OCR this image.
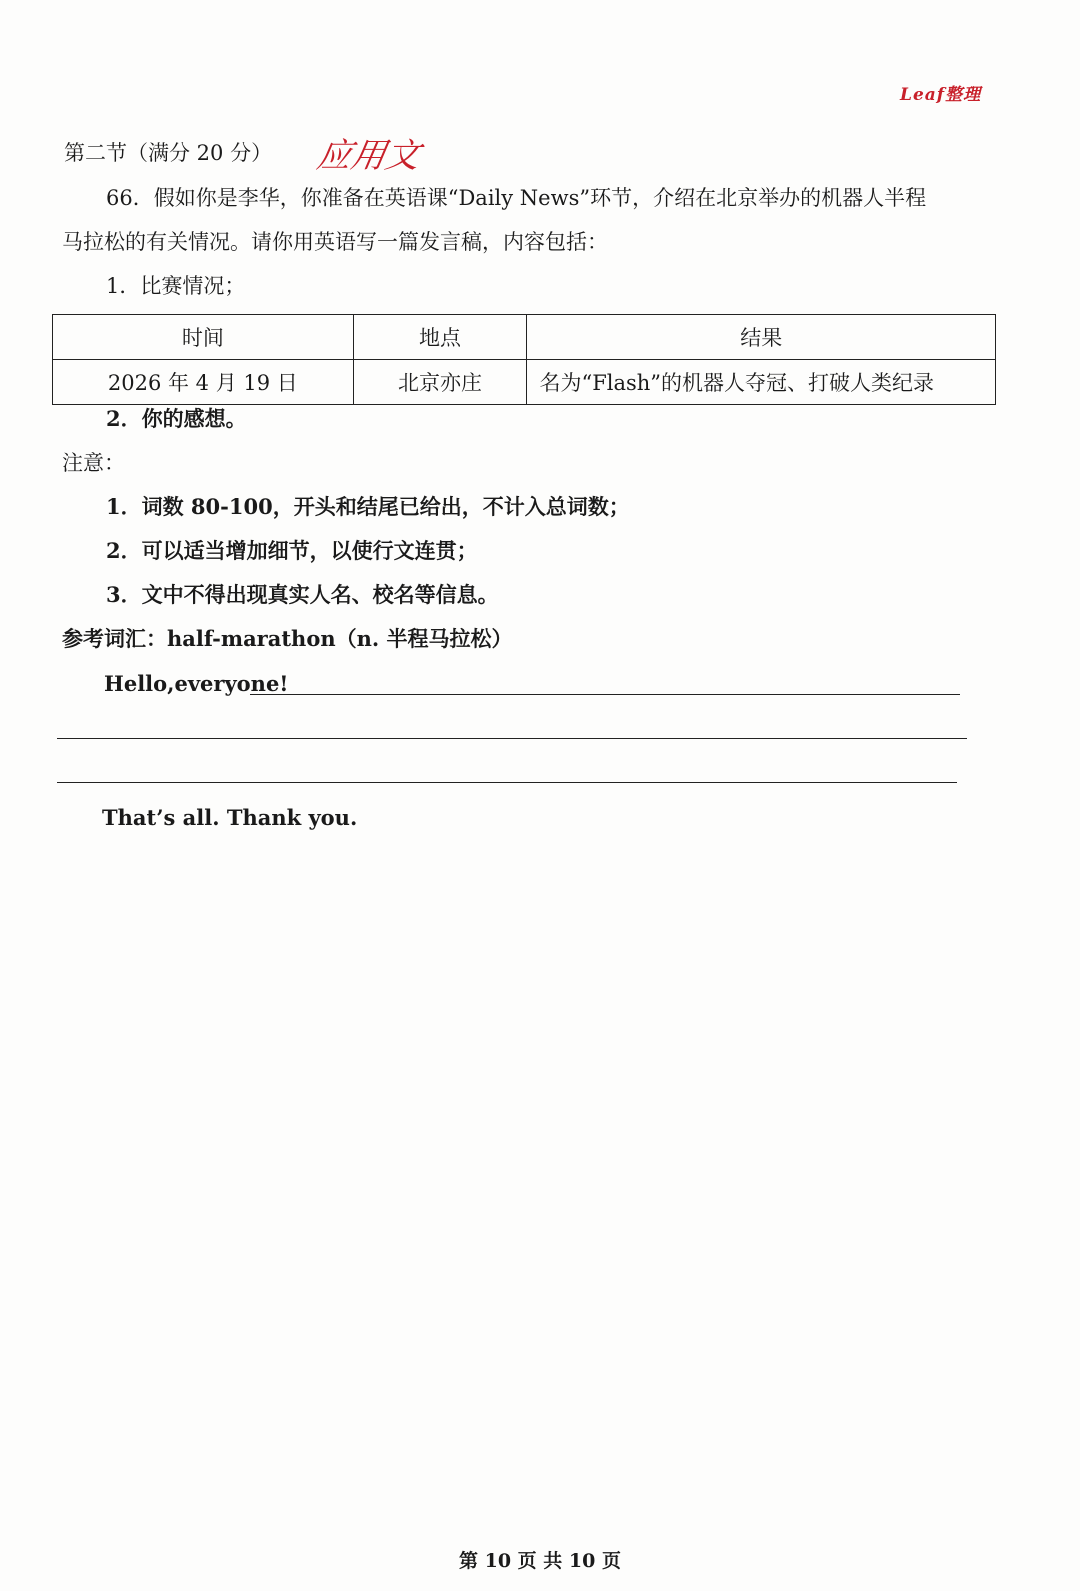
Leaf整理
第二节（满分 20 分） 应用文
66．假如你是李华，你准备在英语课“Daily News”环节，介绍在北京举办的机器人半程
马拉松的有关情况。请你用英语写一篇发言稿，内容包括：
1．比赛情况；
时间	地点	结果
2026 年 4 月 19 日	北京亦庄	名为“Flash”的机器人夺冠、打破人类纪录
2．你的感想。
注意：
1．词数 80-100，开头和结尾已给出，不计入总词数；
2．可以适当增加细节，以使行文连贯；
3．文中不得出现真实人名、校名等信息。
参考词汇：half-marathon（n. 半程马拉松）
Hello,everyone!
That’s all. Thank you.
第 10 页 共 10 页
